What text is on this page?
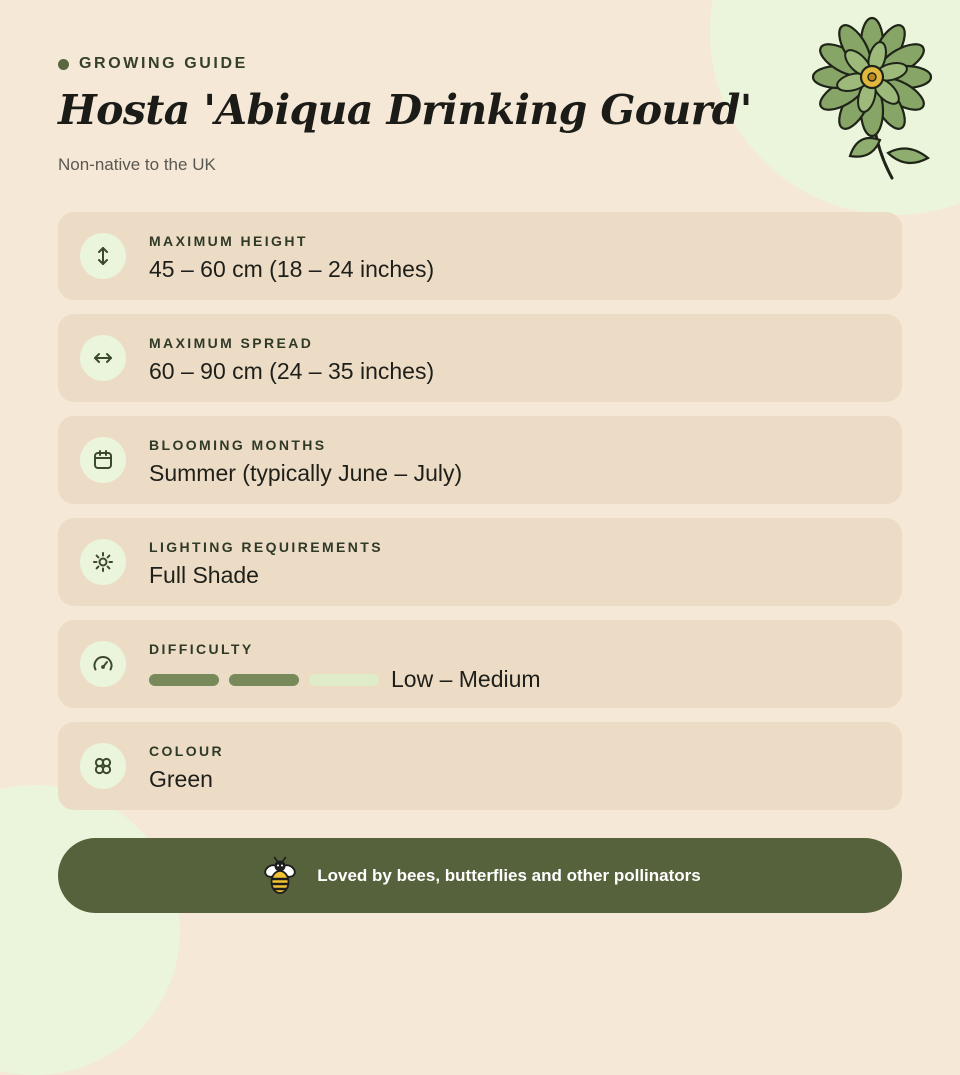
GROWING GUIDE
Hosta 'Abiqua Drinking Gourd'
Non-native to the UK
MAXIMUM HEIGHT
45 – 60 cm (18 – 24 inches)
MAXIMUM SPREAD
60 – 90 cm (24 – 35 inches)
BLOOMING MONTHS
Summer (typically June – July)
LIGHTING REQUIREMENTS
Full Shade
DIFFICULTY
Low – Medium
COLOUR
Green
Loved by bees, butterflies and other pollinators
